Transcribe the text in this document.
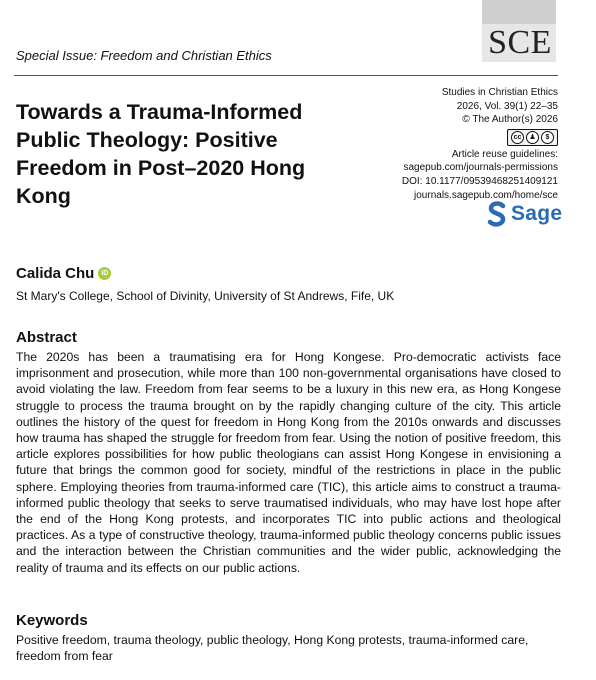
SCE
Special Issue: Freedom and Christian Ethics
Towards a Trauma-Informed Public Theology: Positive Freedom in Post–2020 Hong Kong
Studies in Christian Ethics
2026, Vol. 39(1) 22–35
© The Author(s) 2026
cc	♟	$
Article reuse guidelines:
sagepub.com/journals-permissions
DOI: 10.1177/09539468251409121
journals.sagepub.com/home/sce
Sage
Calida Chu	iD
St Mary's College, School of Divinity, University of St Andrews, Fife, UK
Abstract

The 2020s has been a traumatising era for Hong Kongese. Pro-democratic activists face imprisonment and prosecution, while more than 100 non-governmental organisations have closed to avoid violating the law. Freedom from fear seems to be a luxury in this new era, as Hong Kongese struggle to process the trauma brought on by the rapidly changing culture of the city. This article outlines the history of the quest for freedom in Hong Kong from the 2010s onwards and discusses how trauma has shaped the struggle for freedom from fear. Using the notion of positive freedom, this article explores possibilities for how public theologians can assist Hong Kongese in envisioning a future that brings the common good for society, mindful of the restrictions in place in the public sphere. Employing theories from trauma-informed care (TIC), this article aims to construct a trauma-informed public theology that seeks to serve traumatised individuals, who may have lost hope after the end of the Hong Kong protests, and incorporates TIC into public actions and theological practices. As a type of constructive theology, trauma-informed public theology concerns public issues and the interaction between the Christian communities and the wider public, acknowledging the reality of trauma and its effects on our public actions.

Keywords

Positive freedom, trauma theology, public theology, Hong Kong protests, trauma-informed care, freedom from fear
